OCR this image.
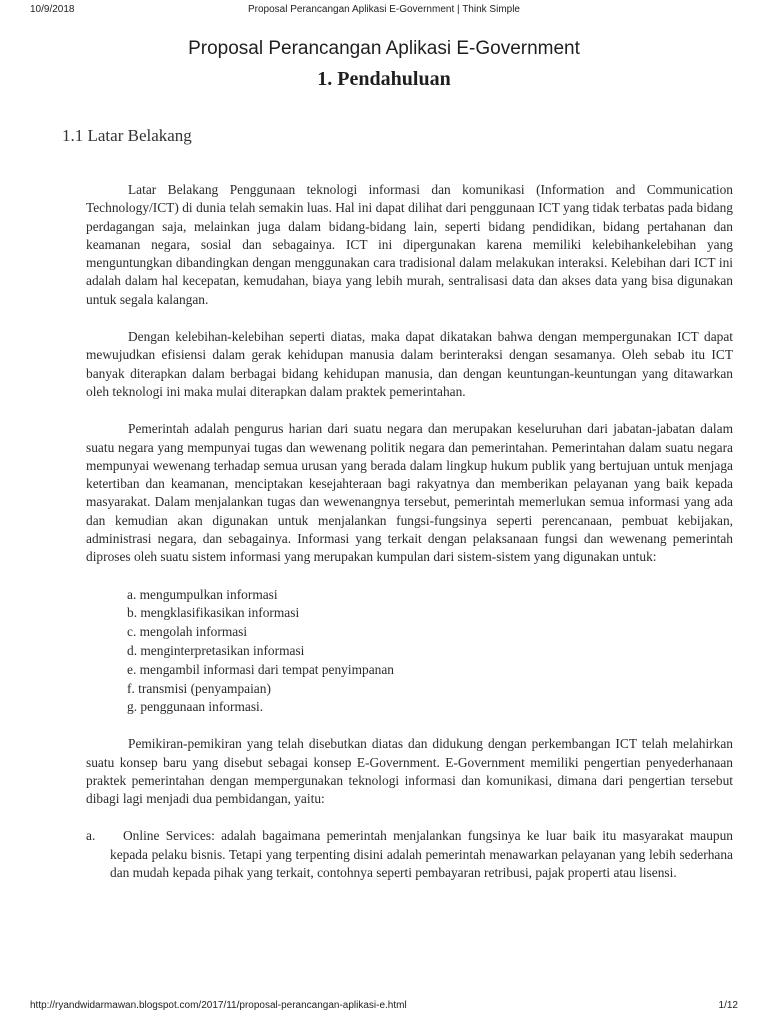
10/9/2018	Proposal Perancangan Aplikasi E-Government | Think Simple
Proposal Perancangan Aplikasi E-Government
1. Pendahuluan
1.1 Latar Belakang

Latar Belakang Penggunaan teknologi informasi dan komunikasi (Information and Communication Technology/ICT) di dunia telah semakin luas. Hal ini dapat dilihat dari penggunaan ICT yang tidak terbatas pada bidang perdagangan saja, melainkan juga dalam bidang-bidang lain, seperti bidang pendidikan, bidang pertahanan dan keamanan negara, sosial dan sebagainya. ICT ini dipergunakan karena memiliki kelebihankelebihan yang menguntungkan dibandingkan dengan menggunakan cara tradisional dalam melakukan interaksi. Kelebihan dari ICT ini adalah dalam hal kecepatan, kemudahan, biaya yang lebih murah, sentralisasi data dan akses data yang bisa digunakan untuk segala kalangan.

Dengan kelebihan-kelebihan seperti diatas, maka dapat dikatakan bahwa dengan mempergunakan ICT dapat mewujudkan efisiensi dalam gerak kehidupan manusia dalam berinteraksi dengan sesamanya. Oleh sebab itu ICT banyak diterapkan dalam berbagai bidang kehidupan manusia, dan dengan keuntungan-keuntungan yang ditawarkan oleh teknologi ini maka mulai diterapkan dalam praktek pemerintahan.

Pemerintah adalah pengurus harian dari suatu negara dan merupakan keseluruhan dari jabatan-jabatan dalam suatu negara yang mempunyai tugas dan wewenang politik negara dan pemerintahan. Pemerintahan dalam suatu negara mempunyai wewenang terhadap semua urusan yang berada dalam lingkup hukum publik yang bertujuan untuk menjaga ketertiban dan keamanan, menciptakan kesejahteraan bagi rakyatnya dan memberikan pelayanan yang baik kepada masyarakat. Dalam menjalankan tugas dan wewenangnya tersebut, pemerintah memerlukan semua informasi yang ada dan kemudian akan digunakan untuk menjalankan fungsi-fungsinya seperti perencanaan, pembuat kebijakan, administrasi negara, dan sebagainya. Informasi yang terkait dengan pelaksanaan fungsi dan wewenang pemerintah diproses oleh suatu sistem informasi yang merupakan kumpulan dari sistem-sistem yang digunakan untuk:

a. mengumpulkan informasi
b. mengklasifikasikan informasi
c. mengolah informasi
d. menginterpretasikan informasi
e. mengambil informasi dari tempat penyimpanan
f. transmisi (penyampaian)
g. penggunaan informasi.

Pemikiran-pemikiran yang telah disebutkan diatas dan didukung dengan perkembangan ICT telah melahirkan suatu konsep baru yang disebut sebagai konsep E-Government. E-Government memiliki pengertian penyederhanaan praktek pemerintahan dengan mempergunakan teknologi informasi dan komunikasi, dimana dari pengertian tersebut dibagi lagi menjadi dua pembidangan, yaitu:

a. Online Services: adalah bagaimana pemerintah menjalankan fungsinya ke luar baik itu masyarakat maupun kepada pelaku bisnis. Tetapi yang terpenting disini adalah pemerintah menawarkan pelayanan yang lebih sederhana dan mudah kepada pihak yang terkait, contohnya seperti pembayaran retribusi, pajak properti atau lisensi.
http://ryandwidarmawan.blogspot.com/2017/11/proposal-perancangan-aplikasi-e.html	1/12
